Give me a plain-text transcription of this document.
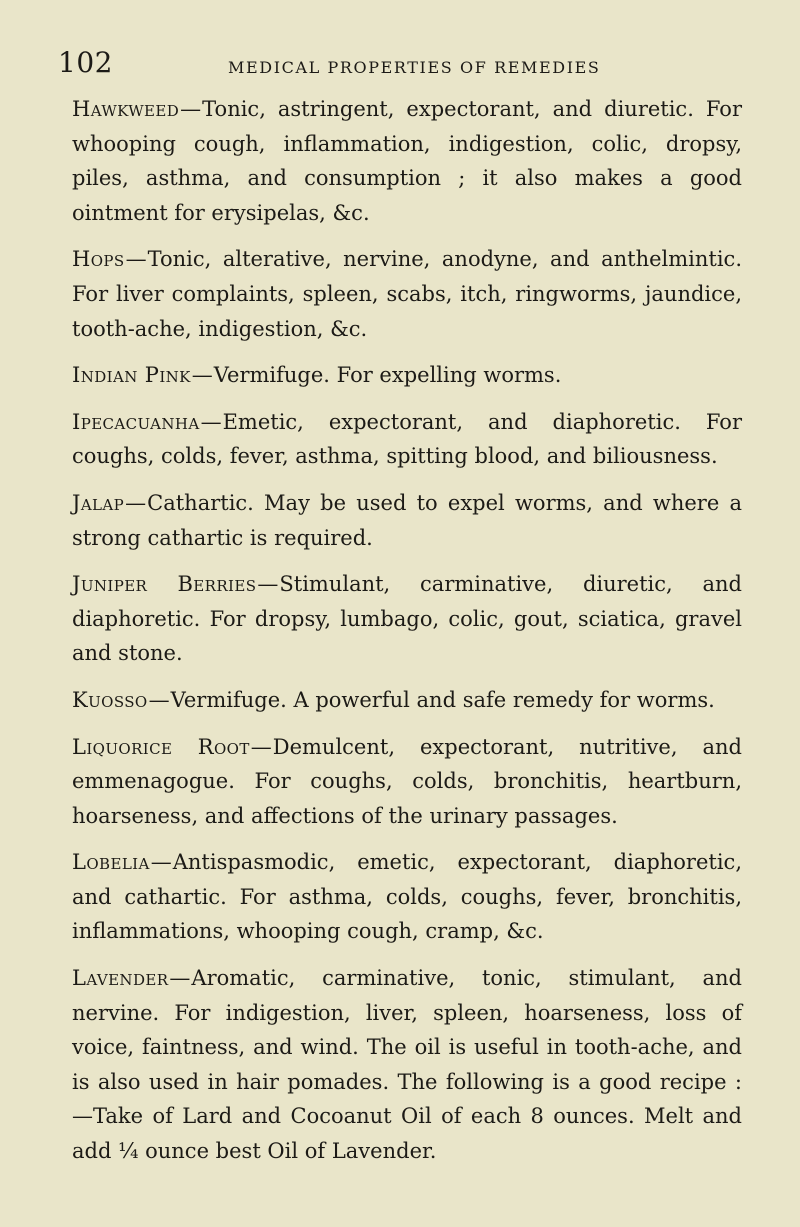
102	MEDICAL PROPERTIES OF REMEDIES

Hawkweed—Tonic, astringent, expectorant, and diuretic. For whooping cough, inflammation, indigestion, colic, dropsy, piles, asthma, and consumption ; it also makes a good ointment for erysipelas, &c.

Hops—Tonic, alterative, nervine, anodyne, and anthelmintic. For liver complaints, spleen, scabs, itch, ringworms, jaundice, tooth-ache, indigestion, &c.

Indian Pink—Vermifuge. For expelling worms.

Ipecacuanha—Emetic, expectorant, and diaphoretic. For coughs, colds, fever, asthma, spitting blood, and biliousness.

Jalap—Cathartic. May be used to expel worms, and where a strong cathartic is required.

Juniper Berries—Stimulant, carminative, diuretic, and diaphoretic. For dropsy, lumbago, colic, gout, sciatica, gravel and stone.

Kuosso—Vermifuge. A powerful and safe remedy for worms.

Liquorice Root—Demulcent, expectorant, nutritive, and emmenagogue. For coughs, colds, bronchitis, heartburn, hoarseness, and affections of the urinary passages.

Lobelia—Antispasmodic, emetic, expectorant, diaphoretic, and cathartic. For asthma, colds, coughs, fever, bronchitis, inflammations, whooping cough, cramp, &c.

Lavender—Aromatic, carminative, tonic, stimulant, and nervine. For indigestion, liver, spleen, hoarseness, loss of voice, faintness, and wind. The oil is useful in tooth-ache, and is also used in hair pomades. The following is a good recipe :—Take of Lard and Cocoanut Oil of each 8 ounces. Melt and add ¼ ounce best Oil of Lavender.
